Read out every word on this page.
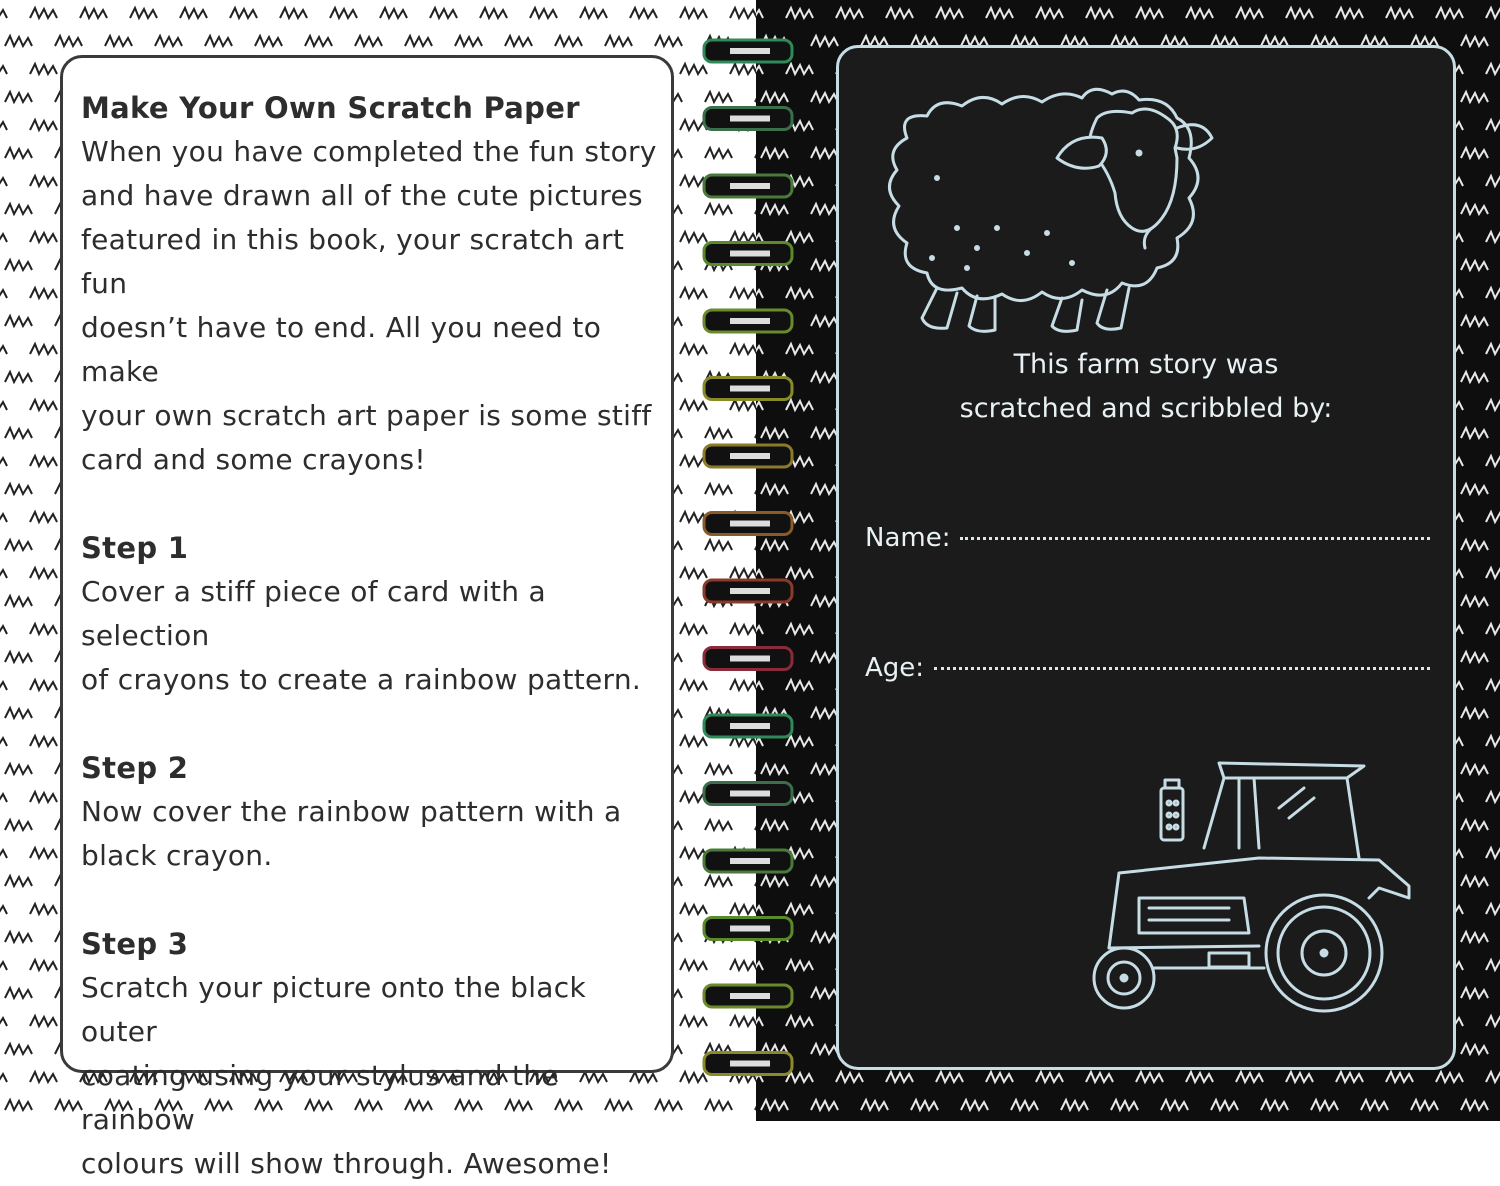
Make Your Own Scratch Paper

When you have completed the fun story

and have drawn all of the cute pictures

featured in this book, your scratch art fun

doesn’t have to end. All you need to make

your own scratch art paper is some stiff

card and some crayons!

Step 1

Cover a stiff piece of card with a selection

of crayons to create a rainbow pattern.

Step 2

Now cover the rainbow pattern with a

black crayon.

Step 3

Scratch your picture onto the black outer

coating using your stylus and the rainbow

colours will show through. Awesome!

This farm story was
scratched and scribbled by:
Name:
Age:
